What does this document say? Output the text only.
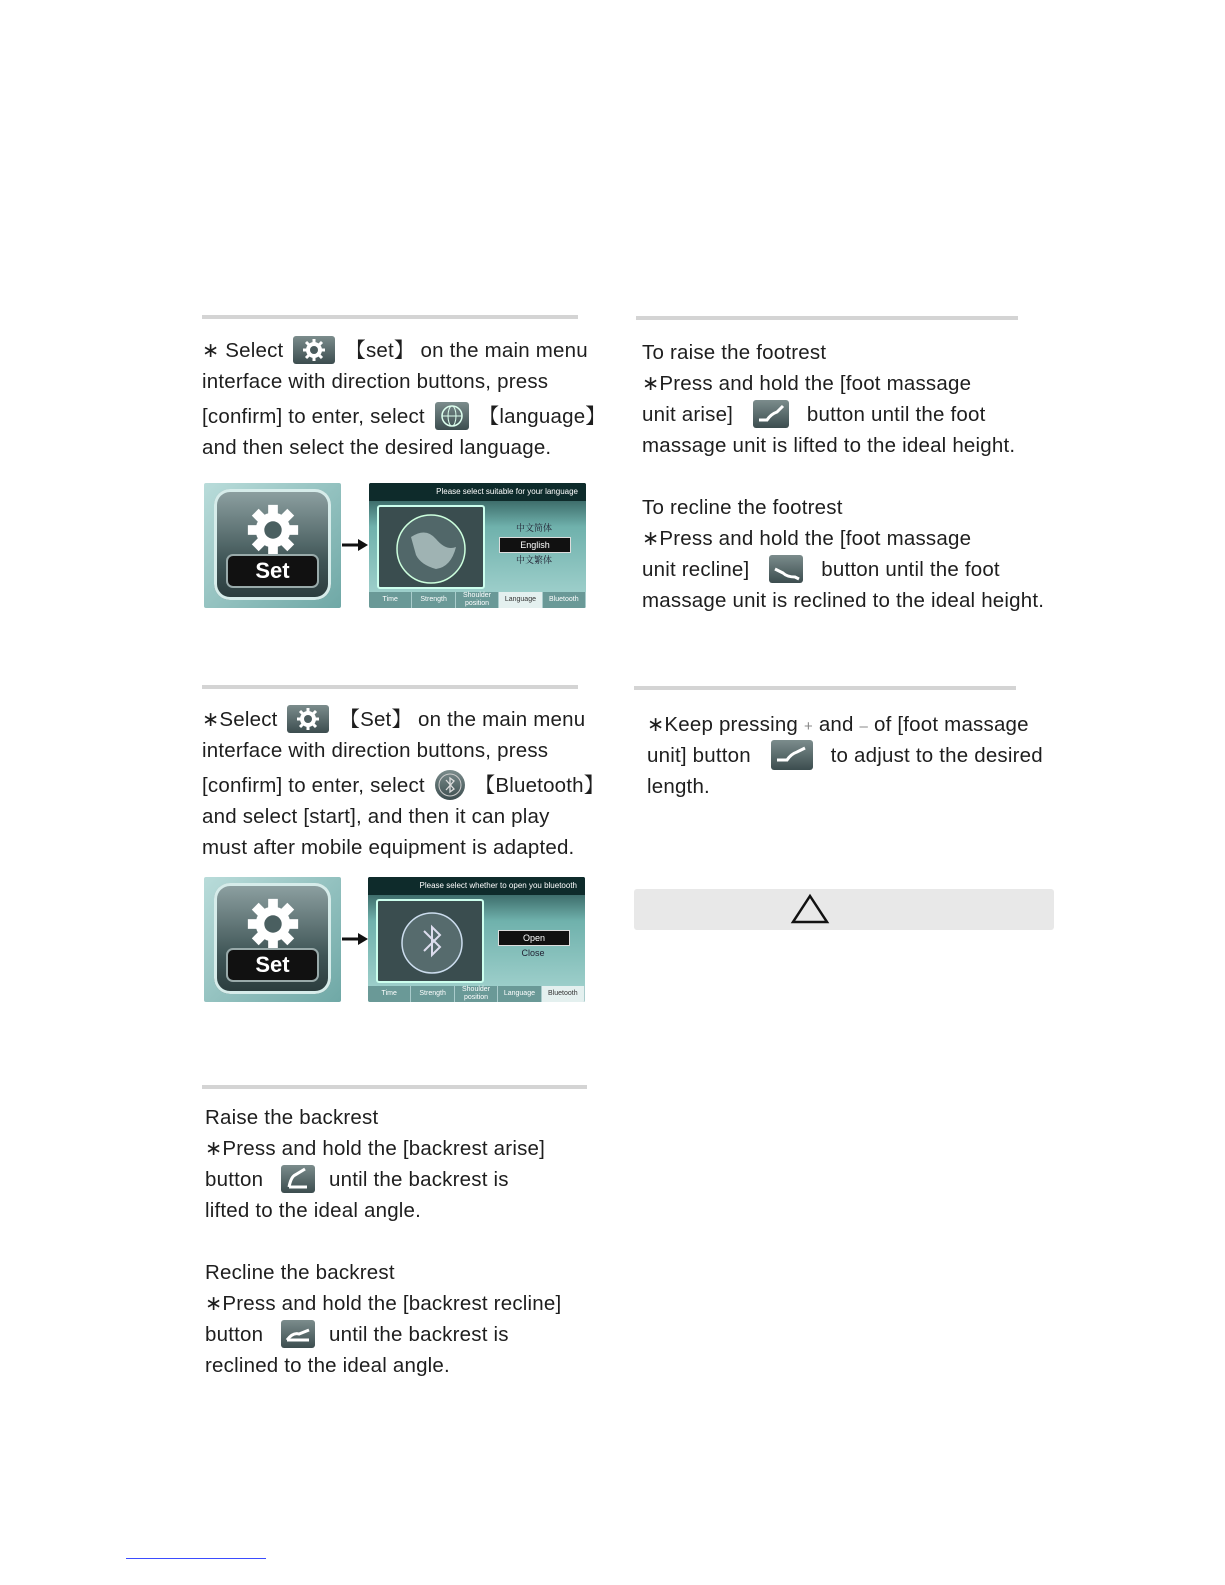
∗ Select	【set】 on the main menu
interface with direction buttons, press
[confirm] to enter, select	【language】
and then select the desired language.
Set
Please select suitable for your language
中文简体
English
中文繁体
Time	Strength
Shoulder position
Language	Bluetooth
∗Select	【Set】 on the main menu
interface with direction buttons, press
[confirm] to enter, select 【Bluetooth】
and select [start], and then it can play
must after mobile equipment is adapted.
Set
Please select whether to open you bluetooth
Open
Close
Time	Strength
Shoulder position
Language	Bluetooth
Raise the backrest
∗Press and hold the [backrest arise]
button	until the backrest is
lifted to the ideal angle.
Recline the backrest
∗Press and hold the [backrest recline]
button	until the backrest is
reclined to the ideal angle.
To raise the footrest
∗Press and hold the [foot massage
unit arise]	button until the foot
massage unit is lifted to the ideal height.
To recline the footrest
∗Press and hold the [foot massage
unit recline]	button until the foot
massage unit is reclined to the ideal height.
∗Keep pressing + and – of [foot massage
unit] button	to adjust to the desired
length.
